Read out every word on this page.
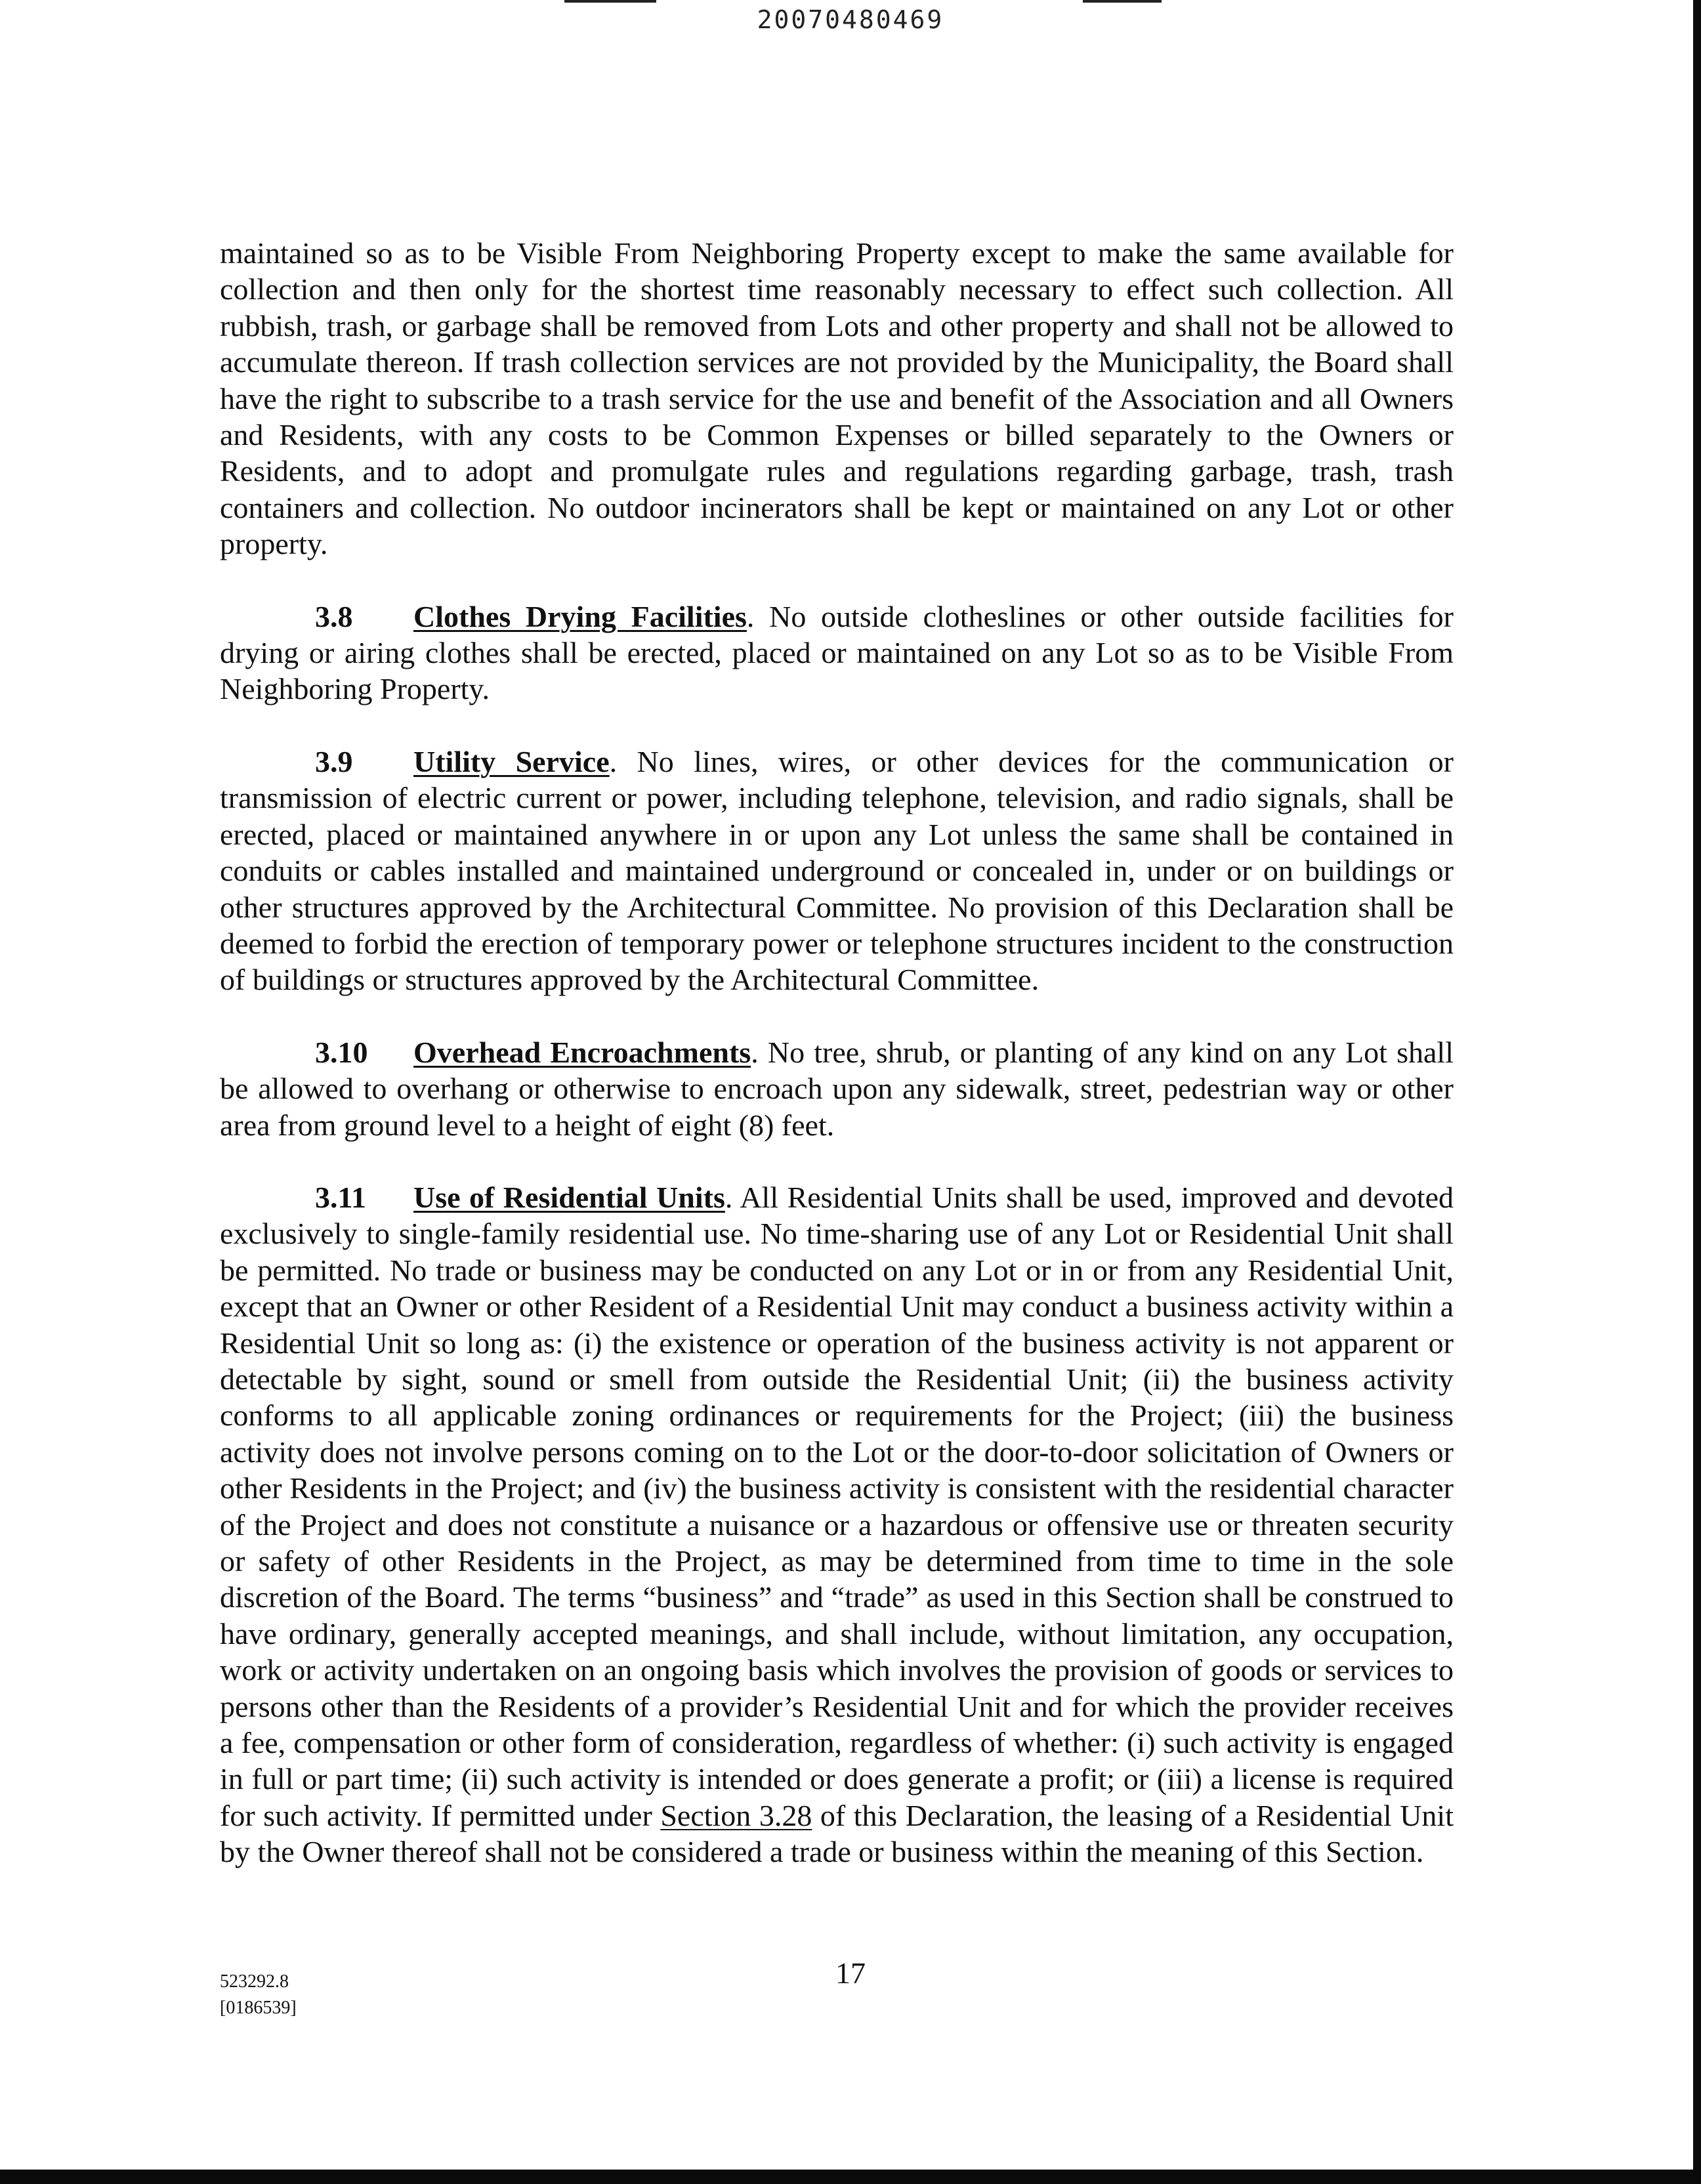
20070480469

maintained so as to be Visible From Neighboring Property except to make the same available for collection and then only for the shortest time reasonably necessary to effect such collection. All rubbish, trash, or garbage shall be removed from Lots and other property and shall not be allowed to accumulate thereon. If trash collection services are not provided by the Municipality, the Board shall have the right to subscribe to a trash service for the use and benefit of the Association and all Owners and Residents, with any costs to be Common Expenses or billed separately to the Owners or Residents, and to adopt and promulgate rules and regulations regarding garbage, trash, trash containers and collection. No outdoor incinerators shall be kept or maintained on any Lot or other property.

3.8 Clothes Drying Facilities. No outside clotheslines or other outside facilities for drying or airing clothes shall be erected, placed or maintained on any Lot so as to be Visible From Neighboring Property.

3.9 Utility Service. No lines, wires, or other devices for the communication or transmission of electric current or power, including telephone, television, and radio signals, shall be erected, placed or maintained anywhere in or upon any Lot unless the same shall be contained in conduits or cables installed and maintained underground or concealed in, under or on buildings or other structures approved by the Architectural Committee. No provision of this Declaration shall be deemed to forbid the erection of temporary power or telephone structures incident to the construction of buildings or structures approved by the Architectural Committee.

3.10 Overhead Encroachments. No tree, shrub, or planting of any kind on any Lot shall be allowed to overhang or otherwise to encroach upon any sidewalk, street, pedestrian way or other area from ground level to a height of eight (8) feet.

3.11 Use of Residential Units. All Residential Units shall be used, improved and devoted exclusively to single-family residential use. No time-sharing use of any Lot or Residential Unit shall be permitted. No trade or business may be conducted on any Lot or in or from any Residential Unit, except that an Owner or other Resident of a Residential Unit may conduct a business activity within a Residential Unit so long as: (i) the existence or operation of the business activity is not apparent or detectable by sight, sound or smell from outside the Residential Unit; (ii) the business activity conforms to all applicable zoning ordinances or requirements for the Project; (iii) the business activity does not involve persons coming on to the Lot or the door-to-door solicitation of Owners or other Residents in the Project; and (iv) the business activity is consistent with the residential character of the Project and does not constitute a nuisance or a hazardous or offensive use or threaten security or safety of other Residents in the Project, as may be determined from time to time in the sole discretion of the Board. The terms “business” and “trade” as used in this Section shall be construed to have ordinary, generally accepted meanings, and shall include, without limitation, any occupation, work or activity undertaken on an ongoing basis which involves the provision of goods or services to persons other than the Residents of a provider’s Residential Unit and for which the provider receives a fee, compensation or other form of consideration, regardless of whether: (i) such activity is engaged in full or part time; (ii) such activity is intended or does generate a profit; or (iii) a license is required for such activity. If permitted under Section 3.28 of this Declaration, the leasing of a Residential Unit by the Owner thereof shall not be considered a trade or business within the meaning of this Section.

523292.8
[0186539]
17
